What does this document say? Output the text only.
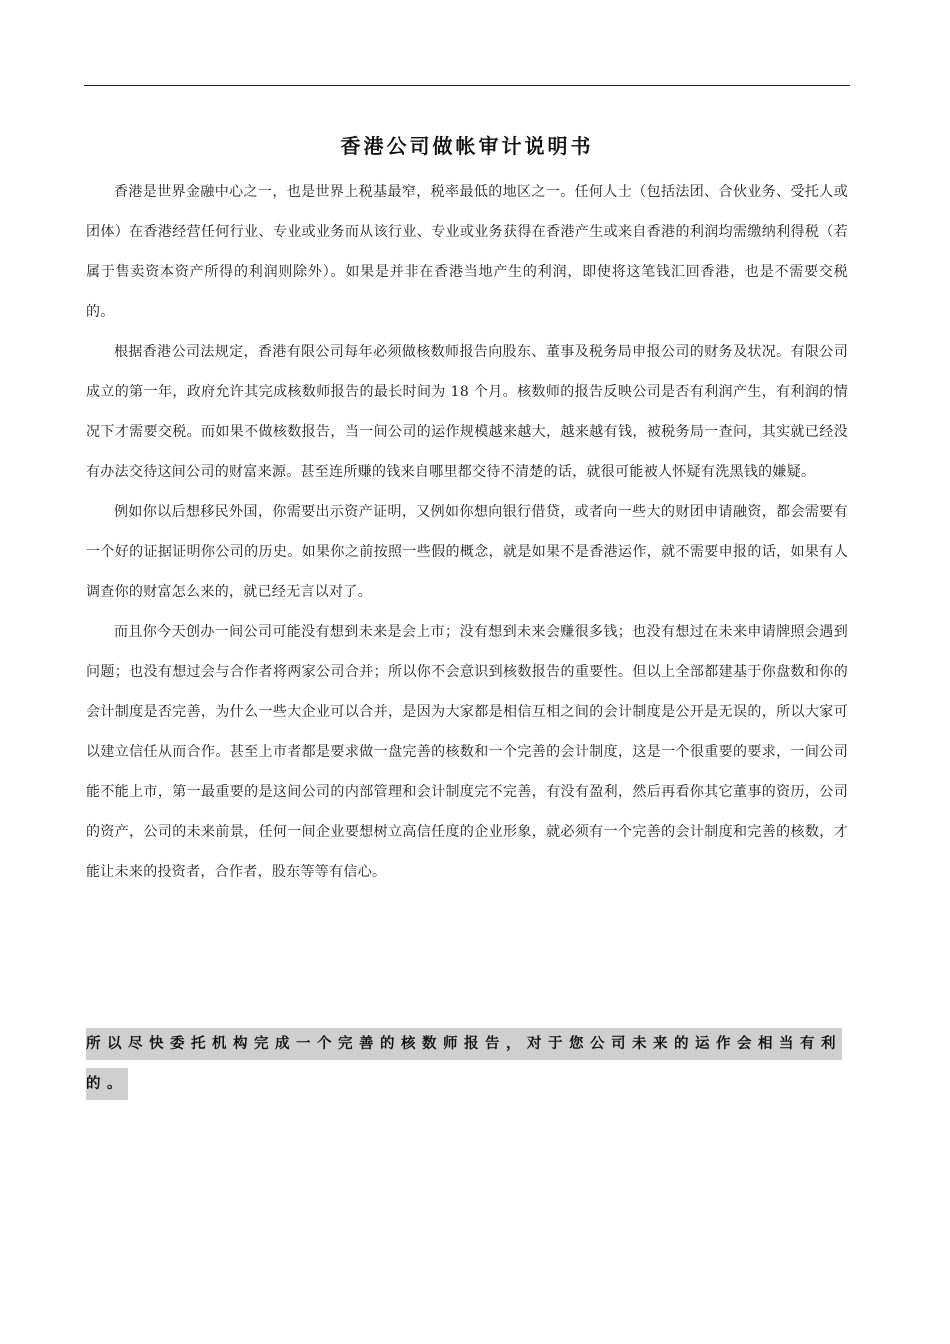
香港公司做帐审计说明书

香港是世界金融中心之一，也是世界上税基最窄，税率最低的地区之一。任何人士（包括法团、合伙业务、受托人或团体）在香港经营任何行业、专业或业务而从该行业、专业或业务获得在香港产生或来自香港的利润均需缴纳利得税（若属于售卖资本资产所得的利润则除外）。如果是并非在香港当地产生的利润，即使将这笔钱汇回香港，也是不需要交税的。

根据香港公司法规定，香港有限公司每年必须做核数师报告向股东、董事及税务局申报公司的财务及状况。有限公司成立的第一年，政府允许其完成核数师报告的最长时间为 18 个月。核数师的报告反映公司是否有利润产生，有利润的情况下才需要交税。而如果不做核数报告，当一间公司的运作规模越来越大，越来越有钱，被税务局一查问，其实就已经没有办法交待这间公司的财富来源。甚至连所赚的钱来自哪里都交待不清楚的话，就很可能被人怀疑有洗黑钱的嫌疑。

例如你以后想移民外国，你需要出示资产证明，又例如你想向银行借贷，或者向一些大的财团申请融资，都会需要有一个好的证据证明你公司的历史。如果你之前按照一些假的概念，就是如果不是香港运作，就不需要申报的话，如果有人调查你的财富怎么来的，就已经无言以对了。

而且你今天创办一间公司可能没有想到未来是会上市；没有想到未来会赚很多钱；也没有想过在未来申请牌照会遇到问题；也没有想过会与合作者将两家公司合并；所以你不会意识到核数报告的重要性。但以上全部都建基于你盘数和你的会计制度是否完善，为什么一些大企业可以合并，是因为大家都是相信互相之间的会计制度是公开是无误的，所以大家可以建立信任从而合作。甚至上市者都是要求做一盘完善的核数和一个完善的会计制度，这是一个很重要的要求，一间公司能不能上市，第一最重要的是这间公司的内部管理和会计制度完不完善，有没有盈利，然后再看你其它董事的资历，公司的资产，公司的未来前景，任何一间企业要想树立高信任度的企业形象，就必须有一个完善的会计制度和完善的核数，才能让未来的投资者，合作者，股东等等有信心。

所以尽快委托机构完成一个完善的核数师报告，对于您公司未来的运作会相当有利的。
